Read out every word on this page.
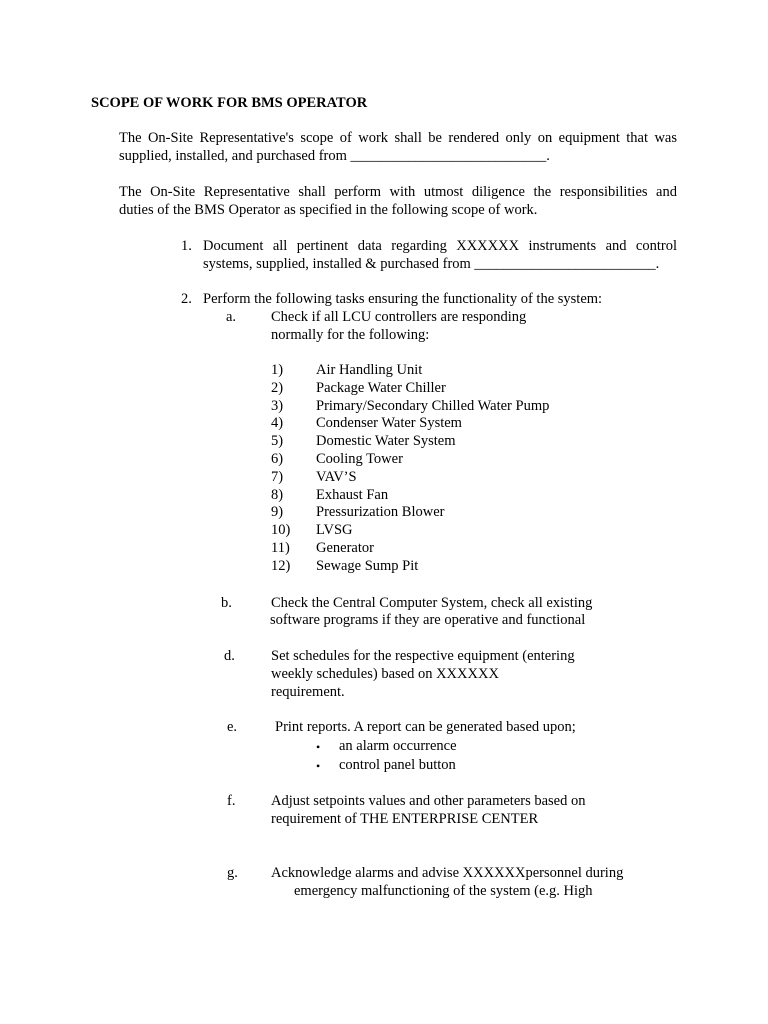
SCOPE OF WORK FOR BMS OPERATOR
The On-Site Representative's scope of work shall be rendered only on equipment that was
supplied, installed, and purchased from ___________________________.
The On-Site Representative shall perform with utmost diligence the responsibilities and
duties of the BMS Operator as specified in the following scope of work.
1. Document all pertinent data regarding XXXXXX instruments and control
systems, supplied, installed & purchased from _________________________.
2. Perform the following tasks ensuring the functionality of the system:
a. Check if all LCU controllers are responding
normally for the following:
1) Air Handling Unit
2) Package Water Chiller
3) Primary/Secondary Chilled Water Pump
4) Condenser Water System
5) Domestic Water System
6) Cooling Tower
7) VAV’S
8) Exhaust Fan
9) Pressurization Blower
10) LVSG
11) Generator
12) Sewage Sump Pit
b.	Check the Central Computer System, check all existing
software programs if they are operative and functional
d. Set schedules for the respective equipment (entering
weekly schedules) based on XXXXXX
requirement.
e.	Print reports. A report can be generated based upon;
• an alarm occurrence
• control panel button
f. Adjust setpoints values and other parameters based on
requirement of THE ENTERPRISE CENTER
g. Acknowledge alarms and advise XXXXXXpersonnel during
emergency malfunctioning of the system (e.g. High
